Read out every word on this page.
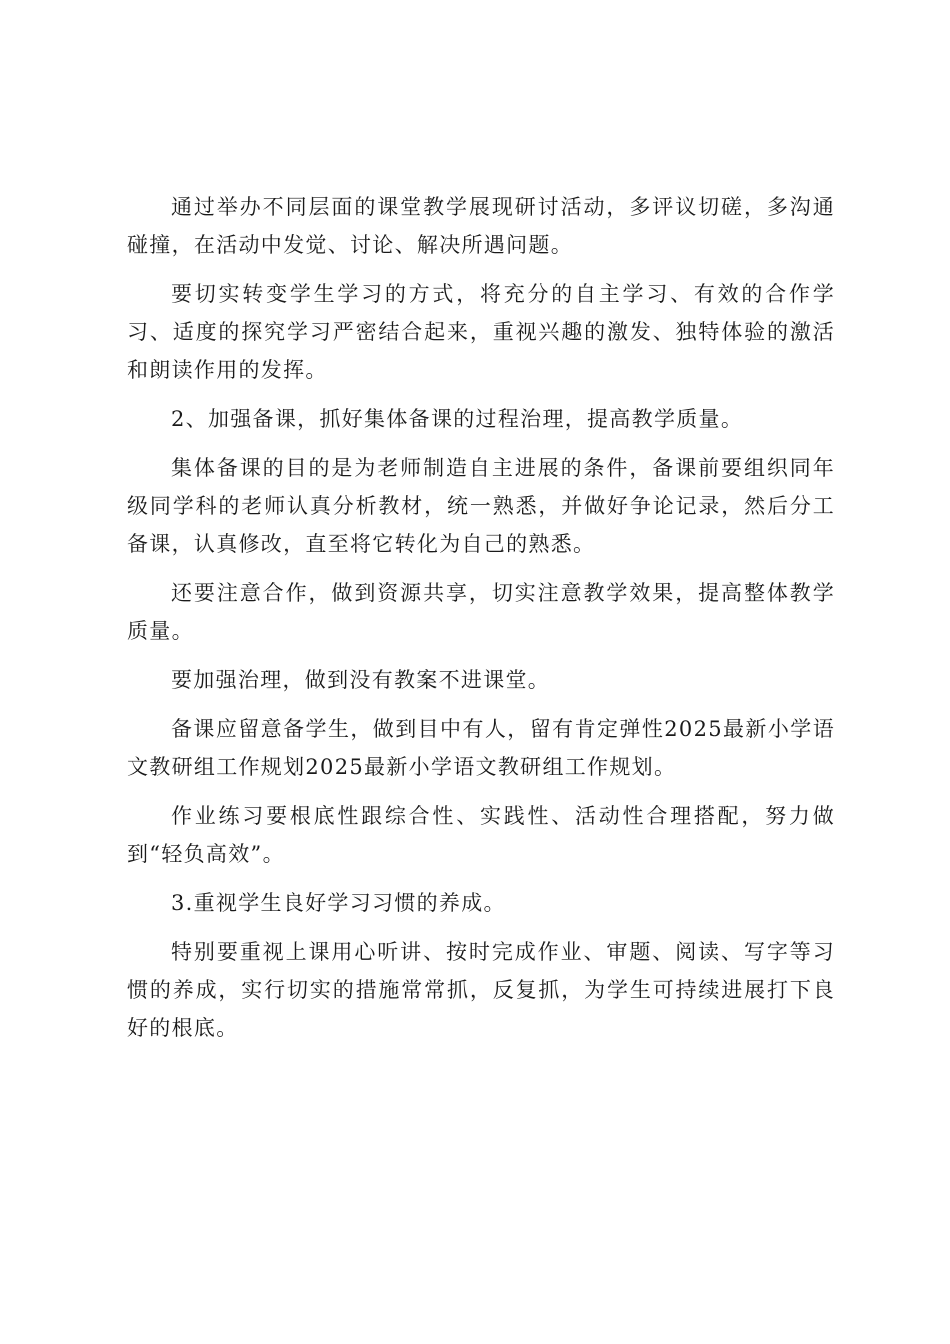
通过举办不同层面的课堂教学展现研讨活动，多评议切磋，多沟通碰撞，在活动中发觉、讨论、解决所遇问题。

要切实转变学生学习的方式，将充分的自主学习、有效的合作学习、适度的探究学习严密结合起来，重视兴趣的激发、独特体验的激活和朗读作用的发挥。

2、加强备课，抓好集体备课的过程治理，提高教学质量。

集体备课的目的是为老师制造自主进展的条件，备课前要组织同年级同学科的老师认真分析教材，统一熟悉，并做好争论记录，然后分工备课，认真修改，直至将它转化为自己的熟悉。

还要注意合作，做到资源共享，切实注意教学效果，提高整体教学质量。

要加强治理，做到没有教案不进课堂。

备课应留意备学生，做到目中有人，留有肯定弹性2025最新小学语文教研组工作规划2025最新小学语文教研组工作规划。

作业练习要根底性跟综合性、实践性、活动性合理搭配，努力做到“轻负高效”。

3.重视学生良好学习习惯的养成。

特别要重视上课用心听讲、按时完成作业、审题、阅读、写字等习惯的养成，实行切实的措施常常抓，反复抓，为学生可持续进展打下良好的根底。
